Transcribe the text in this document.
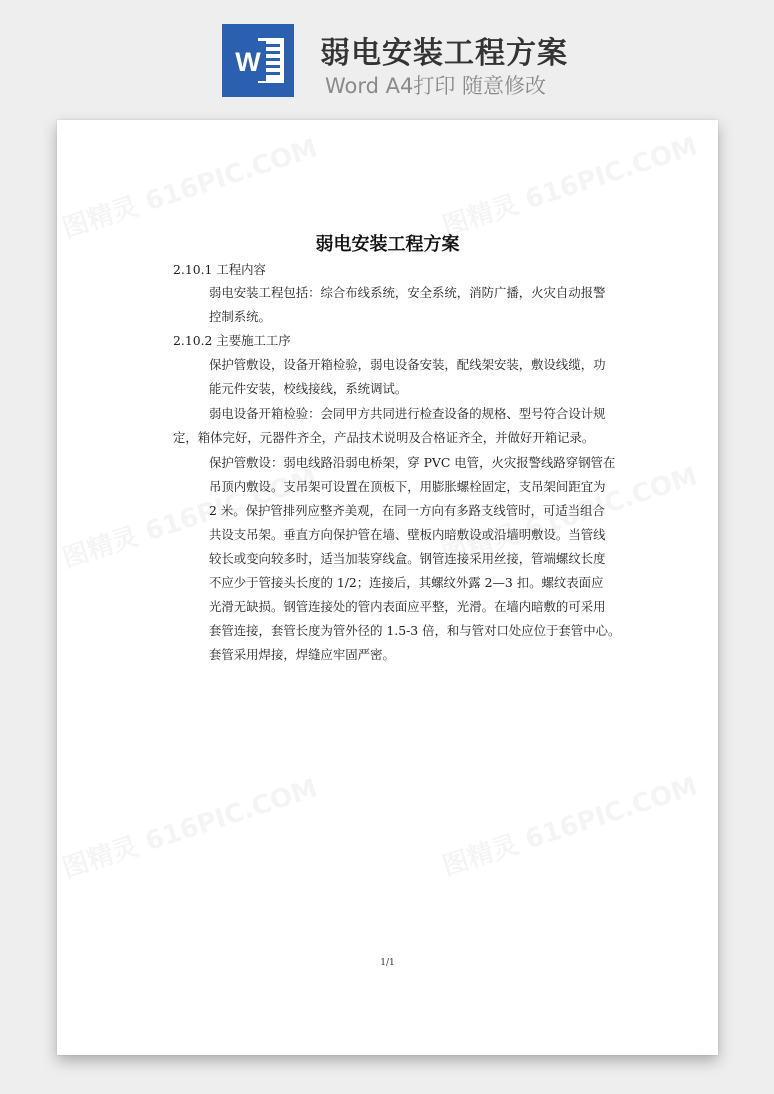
W 弱电安装工程方案
Word A4打印 随意修改
弱电安装工程方案
2.10.1 工程内容
弱电安装工程包括：综合布线系统，安全系统，消防广播，火灾自动报警
控制系统。
2.10.2 主要施工工序
保护管敷设，设备开箱检验，弱电设备安装，配线架安装，敷设线缆，功
能元件安装，校线接线，系统调试。
弱电设备开箱检验：会同甲方共同进行检查设备的规格、型号符合设计规
定，箱体完好，元器件齐全，产品技术说明及合格证齐全，并做好开箱记录。
保护管敷设：弱电线路沿弱电桥架，穿 PVC 电管，火灾报警线路穿钢管在
吊顶内敷设。支吊架可设置在顶板下，用膨胀螺栓固定，支吊架间距宜为
2 米。保护管排列应整齐美观，在同一方向有多路支线管时，可适当组合
共设支吊架。垂直方向保护管在墙、壁板内暗敷设或沿墙明敷设。当管线
较长或变向较多时，适当加装穿线盒。钢管连接采用丝接，管端螺纹长度
不应少于管接头长度的 1/2；连接后，其螺纹外露 2—3 扣。螺纹表面应
光滑无缺损。钢管连接处的管内表面应平整，光滑。在墙内暗敷的可采用
套管连接，套管长度为管外径的 1.5-3 倍，和与管对口处应位于套管中心。
套管采用焊接，焊缝应牢固严密。
1/1
